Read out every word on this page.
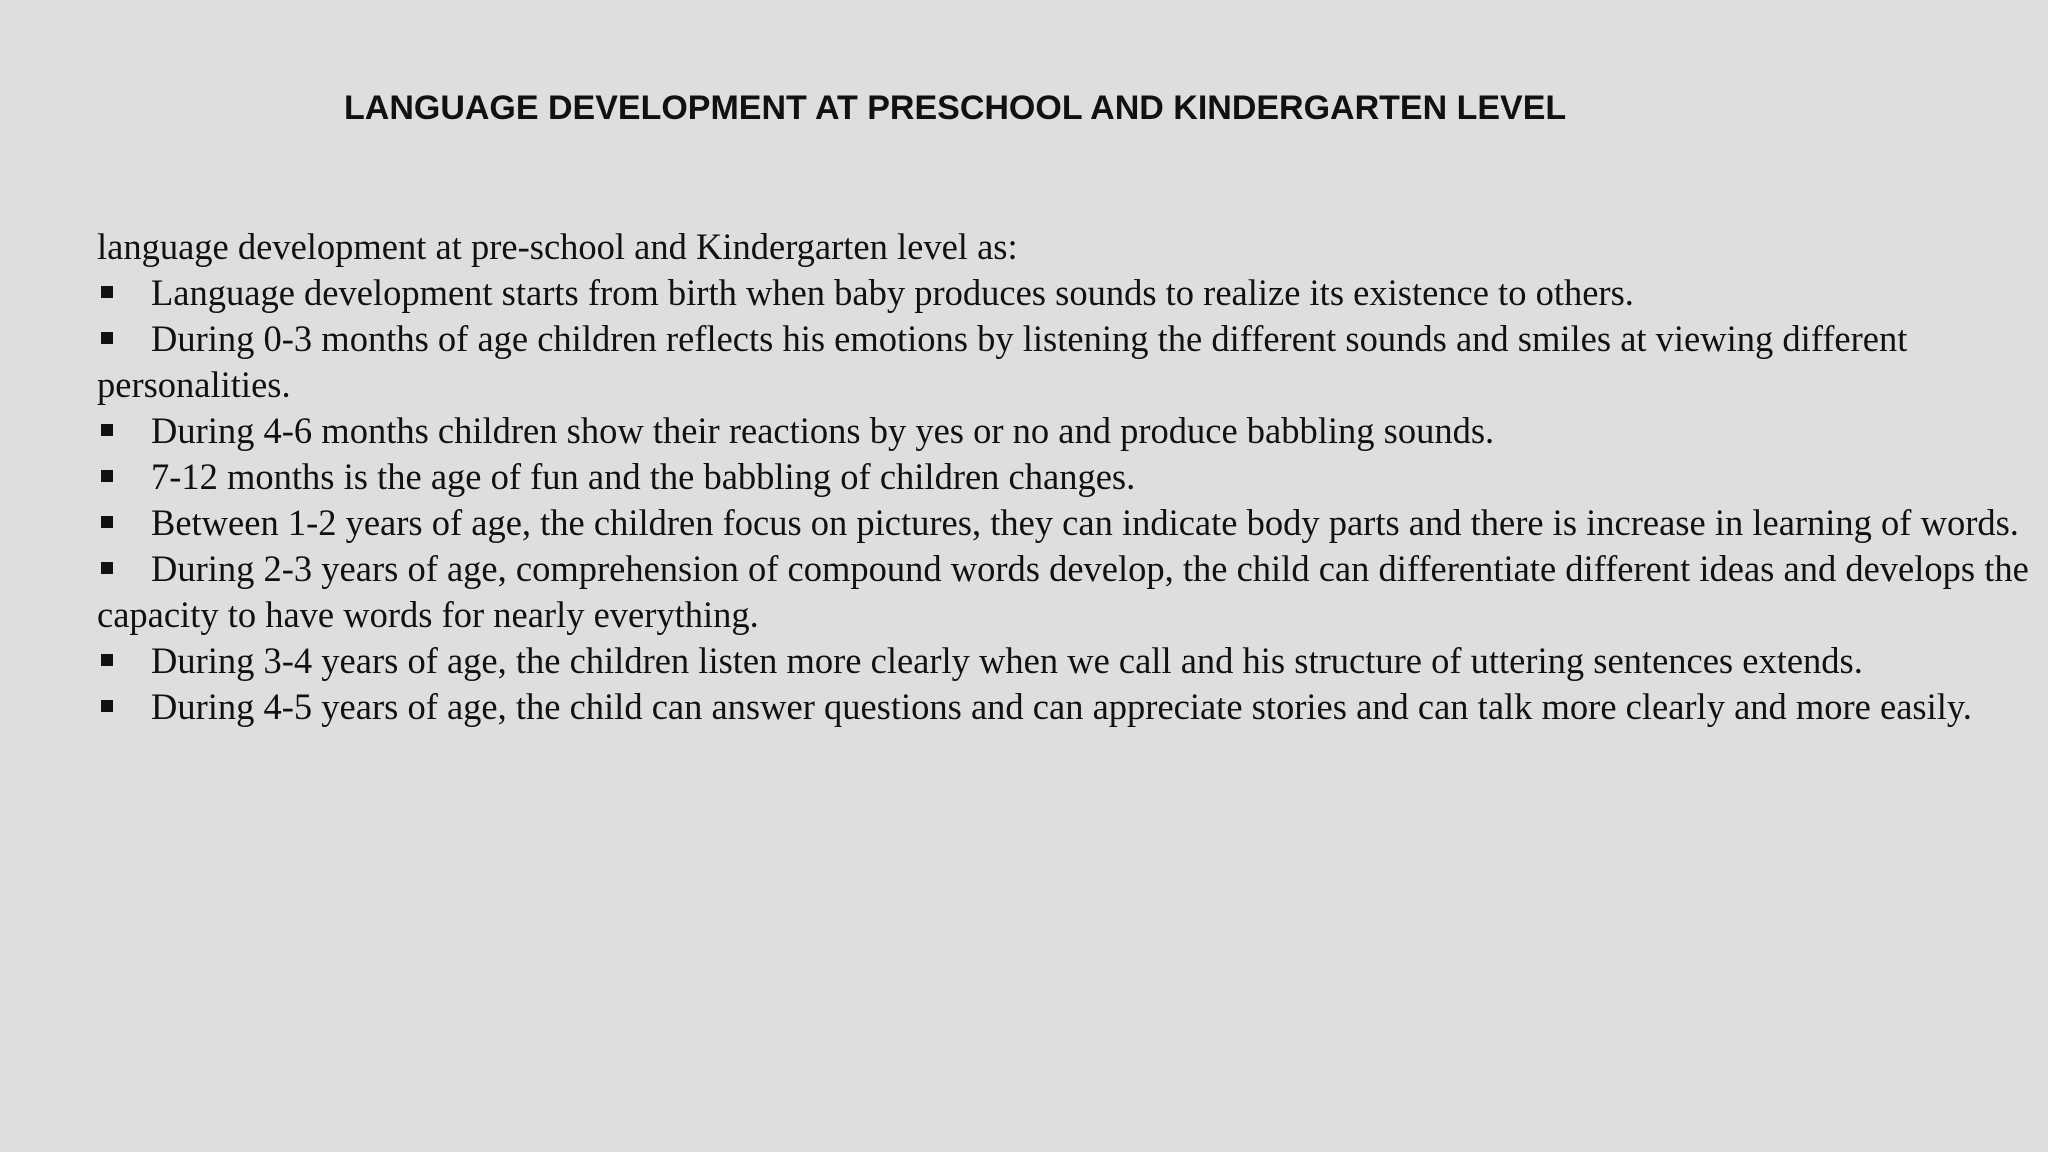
LANGUAGE DEVELOPMENT AT PRESCHOOL AND KINDERGARTEN LEVEL

language development at pre-school and Kindergarten level as:

Language development starts from birth when baby produces sounds to realize its existence to others.
During 0-3 months of age children reflects his emotions by listening the different sounds and smiles at viewing different personalities.
During 4-6 months children show their reactions by yes or no and produce babbling sounds.
7-12 months is the age of fun and the babbling of children changes.
Between 1-2 years of age, the children focus on pictures, they can indicate body parts and there is increase in learning of words.
During 2-3 years of age, comprehension of compound words develop, the child can differentiate different ideas and develops the capacity to have words for nearly everything.
During 3-4 years of age, the children listen more clearly when we call and his structure of uttering sentences extends.
During 4-5 years of age, the child can answer questions and can appreciate stories and can talk more clearly and more easily.
